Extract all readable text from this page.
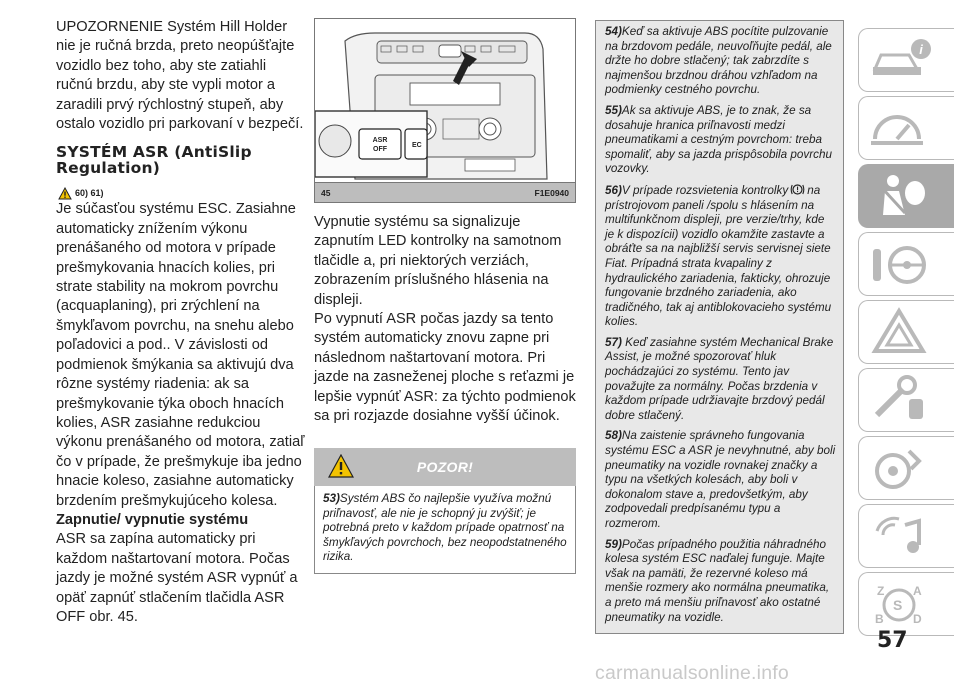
UPOZORNENIE Systém Hill Holder nie je ručná brzda, preto neopúšťajte vozidlo bez toho, aby ste zatiahli ručnú brzdu, aby ste vypli motor a zaradili prvý rýchlostný stupeň, aby ostalo vozidlo pri parkovaní v bezpečí.

SYSTÉM ASR (AntiSlip Regulation)
60) 61)

Je súčasťou systému ESC. Zasiahne automaticky znížením výkonu prenášaného od motora v prípade prešmykovania hnacích kolies, pri strate stability na mokrom povrchu (acquaplaning), pri zrýchlení na šmykľavom povrchu, na snehu alebo poľadovici a pod.. V závislosti od podmienok šmýkania sa aktivujú dva rôzne systémy riadenia: ak sa prešmykovanie týka oboch hnacích kolies, ASR zasiahne redukciou výkonu prenášaného od motora, zatiaľ čo v prípade, že prešmykuje iba jedno hnacie koleso, zasiahne automaticky brzdením prešmykujúceho kolesa.

Zapnutie/ vypnutie systému

ASR sa zapína automaticky pri každom naštartovaní motora. Počas jazdy je možné systém ASR vypnúť a opäť zapnúť stlačením tlačidla ASR OFF obr. 45.

ASR
OFF
EC
45	F1E0940

Vypnutie systému sa signalizuje zapnutím LED kontrolky na samotnom tlačidle a, pri niektorých verziách, zobrazením príslušného hlásenia na displeji.

Po vypnutí ASR počas jazdy sa tento systém automaticky znovu zapne pri následnom naštartovaní motora. Pri jazde na zasneženej ploche s reťazmi je lepšie vypnúť ASR: za týchto podmienok sa pri rozjazde dosiahne vyšší účinok.

POZOR!
53)Systém ABS čo najlepšie využíva možnú priľnavosť, ale nie je schopný ju zvýšiť; je potrebná preto v každom prípade opatrnosť na šmykľavých povrchoch, bez neopodstatneného rizika.

54)Keď sa aktivuje ABS pocítite pulzovanie na brzdovom pedále, neuvoľňujte pedál, ale držte ho dobre stlačený; tak zabrzdíte s najmenšou brzdnou dráhou vzhľadom na podmienky cestného povrchu.

55)Ak sa aktivuje ABS, je to znak, že sa dosahuje hranica priľnavosti medzi pneumatikami a cestným povrchom: treba spomaliť, aby sa jazda prispôsobila povrchu vozovky.

56)V prípade rozsvietenia kontrolky na prístrojovom paneli /spolu s hlásením na multifunkčnom displeji, pre verzie/trhy, kde je k dispozícii) vozidlo okamžite zastavte a obráťte sa na najbližší servis servisnej siete Fiat. Prípadná strata kvapaliny z hydraulického zariadenia, fakticky, ohrozuje fungovanie brzdného zariadenia, ako tradičného, tak aj antiblokovacieho systému kolies.

57) Keď zasiahne systém Mechanical Brake Assist, je možné spozorovať hluk pochádzajúci zo systému. Tento jav považujte za normálny. Počas brzdenia v každom prípade udržiavajte brzdový pedál dobre stlačený.

58)Na zaistenie správneho fungovania systému ESC a ASR je nevyhnutné, aby boli pneumatiky na vozidle rovnakej značky a typu na všetkých kolesách, aby boli v dokonalom stave a, predovšetkým, aby zodpovedali predpísanému typu a rozmerom.

59)Počas prípadného použitia náhradného kolesa systém ESC naďalej funguje. Majte však na pamäti, že rezervné koleso má menšie rozmery ako normálna pneumatika, a preto má menšiu priľnavosť ako ostatné pneumatiky na vozidle.

i
Z A
S
B D
57
carmanualsonline.info
